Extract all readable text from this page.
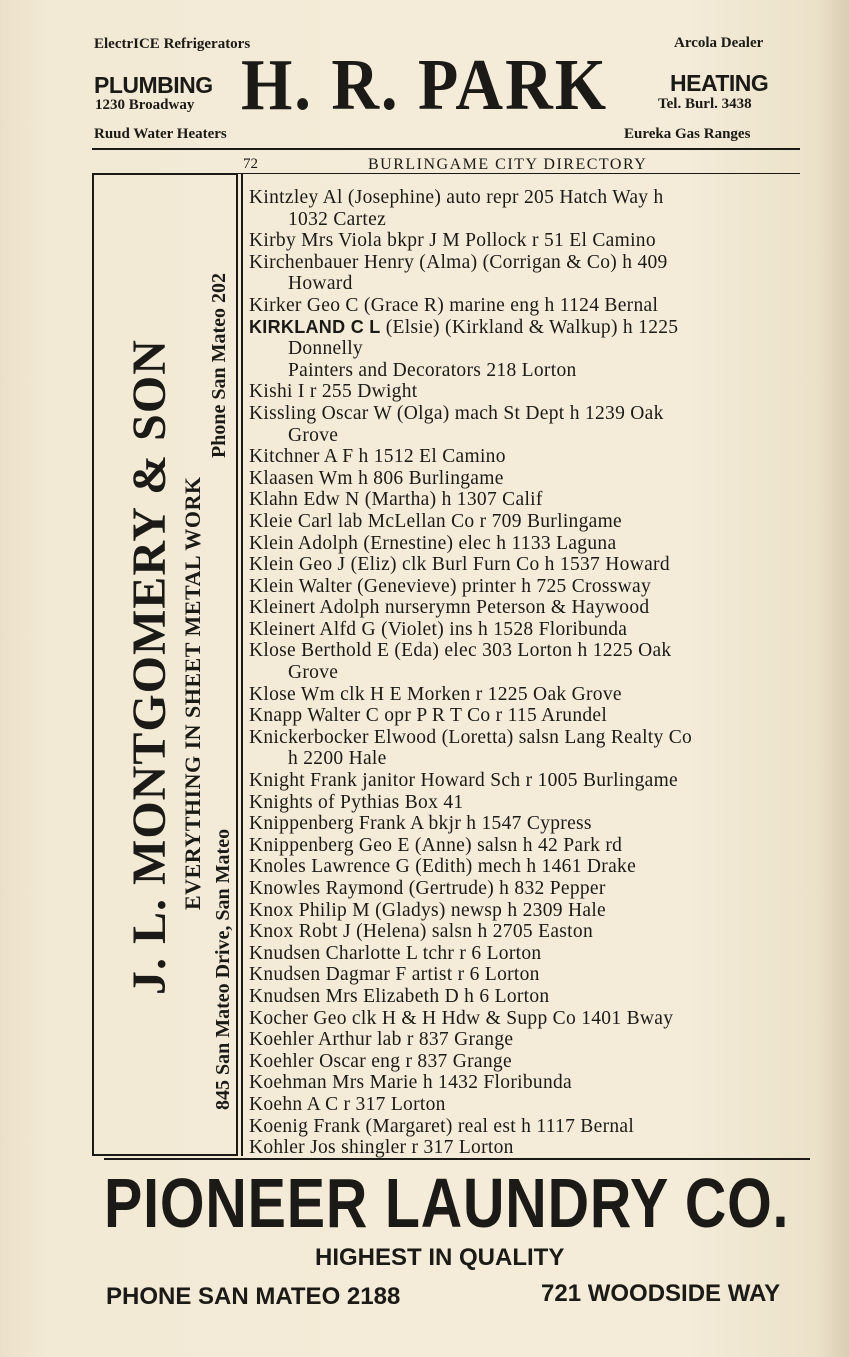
ElectrICE Refrigerators	Arcola Dealer
PLUMBING
1230 Broadway H. R. PARK	HEATING
Tel. Burl. 3438
Ruud Water Heaters	Eureka Gas Ranges
72	BURLINGAME CITY DIRECTORY
J. L. MONTGOMERY & SON EVERYTHING IN SHEET METAL WORK
845 San Mateo Drive, San Mateo
Phone San Mateo 202
Kintzley Al (Josephine) auto repr 205 Hatch Way h
1032 Cartez
Kirby Mrs Viola bkpr J M Pollock r 51 El Camino
Kirchenbauer Henry (Alma) (Corrigan & Co) h 409
Howard
Kirker Geo C (Grace R) marine eng h 1124 Bernal
KIRKLAND C L (Elsie) (Kirkland & Walkup) h 1225
Donnelly
Painters and Decorators 218 Lorton
Kishi I r 255 Dwight
Kissling Oscar W (Olga) mach St Dept h 1239 Oak
Grove
Kitchner A F h 1512 El Camino
Klaasen Wm h 806 Burlingame
Klahn Edw N (Martha) h 1307 Calif
Kleie Carl lab McLellan Co r 709 Burlingame
Klein Adolph (Ernestine) elec h 1133 Laguna
Klein Geo J (Eliz) clk Burl Furn Co h 1537 Howard
Klein Walter (Genevieve) printer h 725 Crossway
Kleinert Adolph nurserymn Peterson & Haywood
Kleinert Alfd G (Violet) ins h 1528 Floribunda
Klose Berthold E (Eda) elec 303 Lorton h 1225 Oak
Grove
Klose Wm clk H E Morken r 1225 Oak Grove
Knapp Walter C opr P R T Co r 115 Arundel
Knickerbocker Elwood (Loretta) salsn Lang Realty Co
h 2200 Hale
Knight Frank janitor Howard Sch r 1005 Burlingame
Knights of Pythias Box 41
Knippenberg Frank A bkjr h 1547 Cypress
Knippenberg Geo E (Anne) salsn h 42 Park rd
Knoles Lawrence G (Edith) mech h 1461 Drake
Knowles Raymond (Gertrude) h 832 Pepper
Knox Philip M (Gladys) newsp h 2309 Hale
Knox Robt J (Helena) salsn h 2705 Easton
Knudsen Charlotte L tchr r 6 Lorton
Knudsen Dagmar F artist r 6 Lorton
Knudsen Mrs Elizabeth D h 6 Lorton
Kocher Geo clk H & H Hdw & Supp Co 1401 Bway
Koehler Arthur lab r 837 Grange
Koehler Oscar eng r 837 Grange
Koehman Mrs Marie h 1432 Floribunda
Koehn A C r 317 Lorton
Koenig Frank (Margaret) real est h 1117 Bernal
Kohler Jos shingler r 317 Lorton
PIONEER LAUNDRY CO.
HIGHEST IN QUALITY
PHONE SAN MATEO 2188	721 WOODSIDE WAY
